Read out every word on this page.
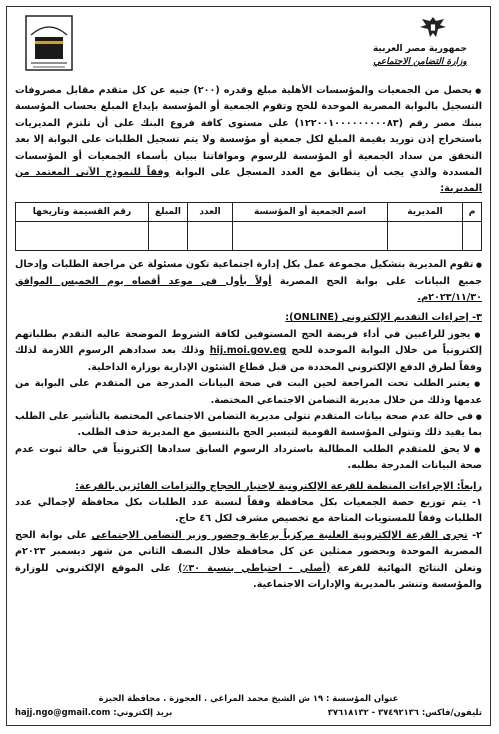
جمهورية مصر العربية
وزارة التضامن الاجتماعي

● يحصل من الجمعيات والمؤسسات الأهلية مبلغ وقدره (٢٠٠) جنيه عن كل متقدم مقابل مصروفات التسجيل بالبوابة المصرية الموحدة للحج وتقوم الجمعية أو المؤسسة بإيداع المبلغ بحساب المؤسسة ببنك مصر رقم (١٢٢٠٠١٠٠٠٠٠٠٠٠٠٨٣) على مستوى كافة فروع البنك على أن تلتزم المديريات باستخراج إذن توريد بقيمة المبلغ لكل جمعية أو مؤسسة ولا يتم تسجيل الطلبات على البوابة إلا بعد التحقق من سداد الجمعية أو المؤسسة للرسوم وموافاتنا ببيان بأسماء الجمعيات أو المؤسسات المسددة والذي يجب أن يتطابق مع العدد المسجل على البوابة وفقاً للنموذج الآتي المعتمد من المديرية:

م	المديرية	اسم الجمعية أو المؤسسة	العدد	المبلغ	رقم القسيمة وتاريخها

● تقوم المديرية بتشكيل مجموعة عمل بكل إدارة اجتماعية تكون مسئولة عن مراجعة الطلبات وإدخال جميع البيانات على بوابة الحج المصرية أولاً بأول في موعد أقصاه يوم الخميس الموافق ٢٠٢٣/١١/٣٠م.

٣- إجراءات التقديم الإلكتروني (ONLINE):

● يجوز للراغبين في أداء فريضة الحج المستوفين لكافة الشروط الموضحة عاليه التقدم بطلباتهم إلكترونياً من خلال البوابة الموحدة للحج hij.moi.gov.eg وذلك بعد سدادهم الرسوم اللازمة لذلك وفقاً لطرق الدفع الإلكتروني المحددة من قبل قطاع الشئون الإدارية بوزارة الداخلية.

● يعتبر الطلب تحت المراجعة لحين البت في صحة البيانات المدرجة من المتقدم على البوابة من عدمها وذلك من خلال مديرية التضامن الاجتماعي المختصة.

● في حالة عدم صحة بيانات المتقدم تتولى مديرية التضامن الاجتماعي المختصة بالتأشير على الطلب بما يفيد ذلك وتتولى المؤسسة القومية لتيسير الحج بالتنسيق مع المديرية حذف الطلب.

● لا يحق للمتقدم الطلب المطالبة باسترداد الرسوم السابق سدادها إلكترونياً في حالة ثبوت عدم صحة البيانات المدرجة بطلبه.

رابعاً: الإجراءات المنظمة للقرعة الإلكترونية لإختيار الحجاج والتزامات الفائزين بالقرعة:

١- يتم توزيع حصة الجمعيات بكل محافظة وفقاً لنسبة عدد الطلبات بكل محافظة لإجمالي عدد الطلبات وفقاً للمستويات المتاحة مع تخصيص مشرف لكل ٤٦ حاج.

٢- تجرى القرعة الإلكترونية العلنية مركزياً برعاية وحضور وزير التضامن الاجتماعي على بوابة الحج المصرية الموحدة وبحضور ممثلين عن كل محافظة خلال النصف الثاني من شهر ديسمبر ٢٠٢٣م وتعلن النتائج النهائية للقرعة (أصلي - احتياطي بنسبة ٣٠٪) على الموقع الإلكتروني للوزارة والمؤسسة وتنشر بالمديرية والإدارات الاجتماعية.

عنوان المؤسسة : ١٩ ش الشيخ محمد المراغي . العجوزة . محافظة الجيزة
تليفون/فاكس: ٣٧٤٩٢١٣٦ - ٣٧٦١٨١٣٢
بريد إلكتروني: hajj.ngo@gmail.com
